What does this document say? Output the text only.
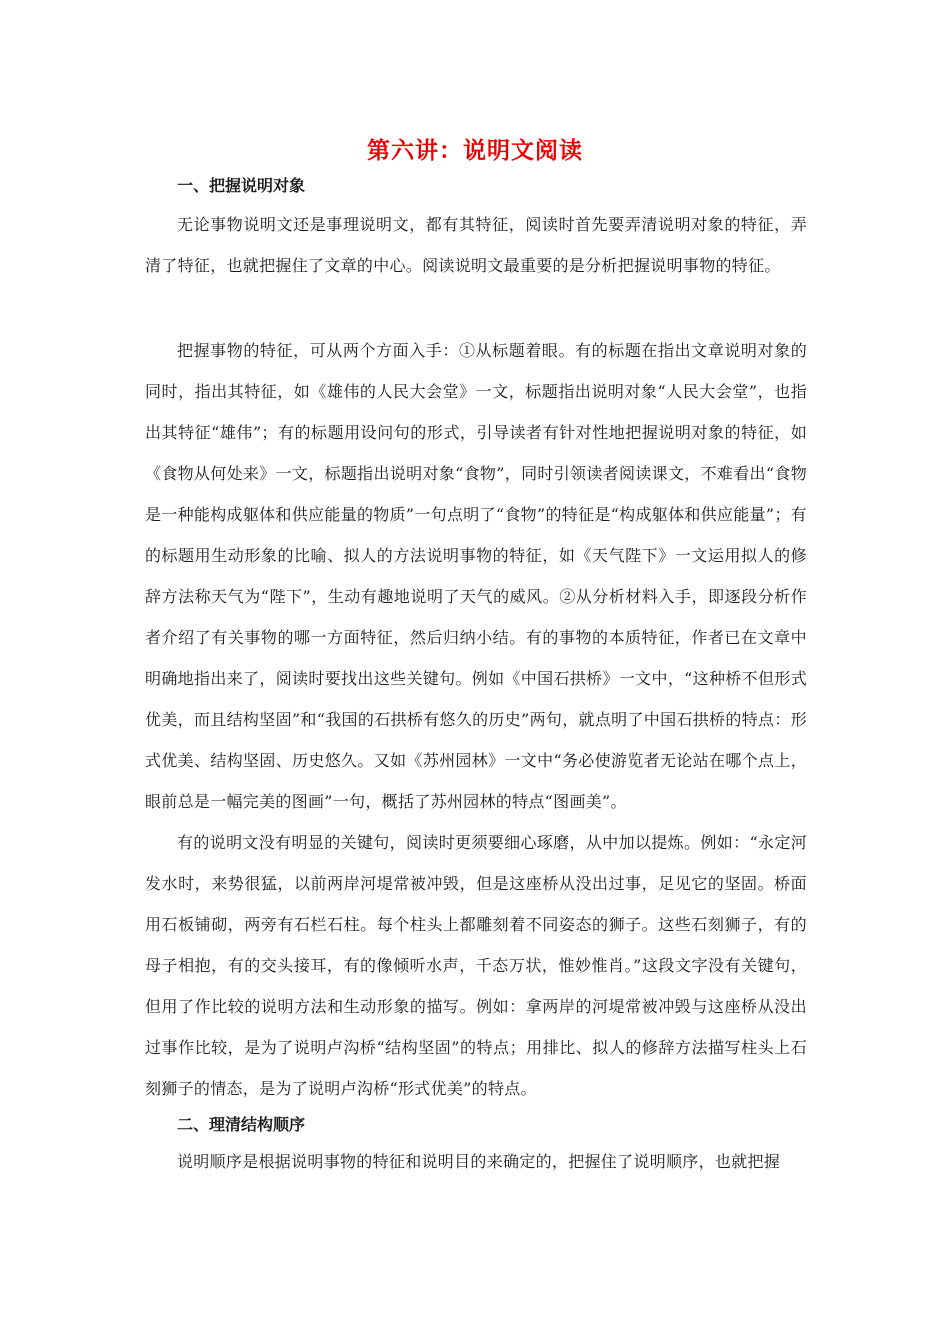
第六讲：说明文阅读

一、把握说明对象

无论事物说明文还是事理说明文，都有其特征，阅读时首先要弄清说明对象的特征，弄清了特征，也就把握住了文章的中心。阅读说明文最重要的是分析把握说明事物的特征。

把握事物的特征，可从两个方面入手：①从标题着眼。有的标题在指出文章说明对象的同时，指出其特征，如《雄伟的人民大会堂》一文，标题指出说明对象“人民大会堂”，也指出其特征“雄伟”；有的标题用设问句的形式，引导读者有针对性地把握说明对象的特征，如《食物从何处来》一文，标题指出说明对象“食物”，同时引领读者阅读课文，不难看出“食物是一种能构成躯体和供应能量的物质”一句点明了“食物”的特征是“构成躯体和供应能量”；有的标题用生动形象的比喻、拟人的方法说明事物的特征，如《天气陛下》一文运用拟人的修辞方法称天气为“陛下”，生动有趣地说明了天气的威风。②从分析材料入手，即逐段分析作者介绍了有关事物的哪一方面特征，然后归纳小结。有的事物的本质特征，作者已在文章中明确地指出来了，阅读时要找出这些关键句。例如《中国石拱桥》一文中，“这种桥不但形式优美，而且结构坚固”和“我国的石拱桥有悠久的历史”两句，就点明了中国石拱桥的特点：形式优美、结构坚固、历史悠久。又如《苏州园林》一文中“务必使游览者无论站在哪个点上，眼前总是一幅完美的图画”一句，概括了苏州园林的特点“图画美”。

有的说明文没有明显的关键句，阅读时更须要细心琢磨，从中加以提炼。例如：“永定河发水时，来势很猛，以前两岸河堤常被冲毁，但是这座桥从没出过事，足见它的坚固。桥面用石板铺砌，两旁有石栏石柱。每个柱头上都雕刻着不同姿态的狮子。这些石刻狮子，有的母子相抱，有的交头接耳，有的像倾听水声，千态万状，惟妙惟肖。”这段文字没有关键句，但用了作比较的说明方法和生动形象的描写。例如：拿两岸的河堤常被冲毁与这座桥从没出过事作比较，是为了说明卢沟桥“结构坚固”的特点；用排比、拟人的修辞方法描写柱头上石刻狮子的情态，是为了说明卢沟桥“形式优美”的特点。

二、理清结构顺序

说明顺序是根据说明事物的特征和说明目的来确定的，把握住了说明顺序，也就把握
